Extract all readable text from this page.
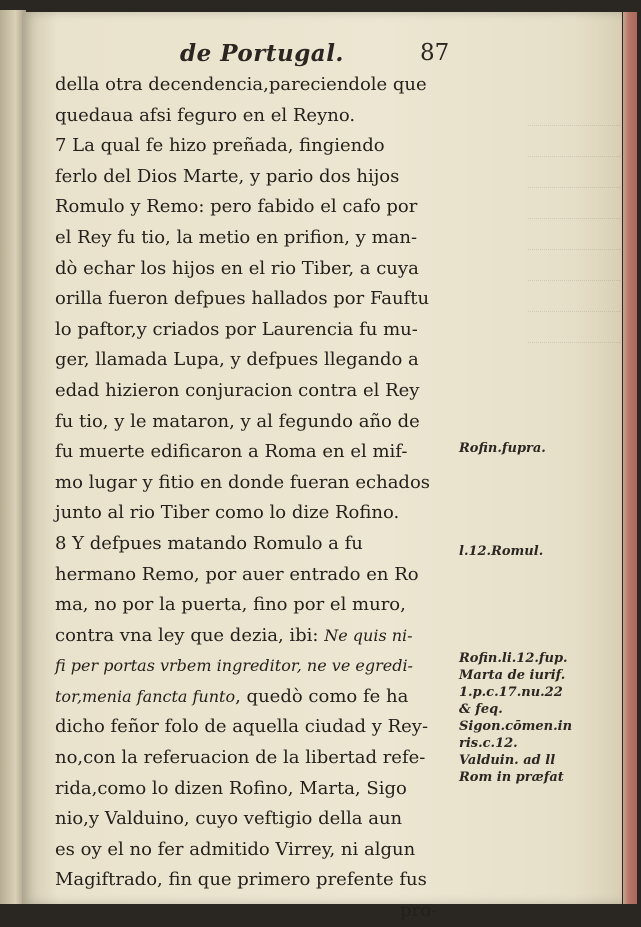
de Portugal.	87
della otra decendencia,pareciendole que
quedaua afsi feguro en el Reyno.
7 La qual fe hizo preñada, fingiendo
ferlo del Dios Marte, y pario dos hijos
Romulo y Remo: pero fabido el cafo por
el Rey fu tio, la metio en prifion, y man-
dò echar los hijos en el rio Tiber, a cuya
orilla fueron defpues hallados por Fauftu
lo paftor,y criados por Laurencia fu mu-
ger, llamada Lupa, y defpues llegando a
edad hizieron conjuracion contra el Rey
fu tio, y le mataron, y al fegundo año de
fu muerte edificaron a Roma en el mif-
mo lugar y fitio en donde fueran echados
junto al rio Tiber como lo dize Rofino.
8 Y defpues matando Romulo a fu
hermano Remo, por auer entrado en Ro
ma, no por la puerta, fino por el muro,
contra vna ley que dezia, ibi: Ne quis ni-
fi per portas vrbem ingreditor, ne ve egredi-
tor,menia fancta funto, quedò como fe ha
dicho feñor folo de aquella ciudad y Rey-
no,con la referuacion de la libertad refe-
rida,como lo dizen Rofino, Marta, Sigo
nio,y Valduino, cuyo veftigio della aun
es oy el no fer admitido Virrey, ni algun
Magiftrado, fin que primero prefente fus
pro-
Rofin.fupra.
l.12.Romul.
Rofin.li.12.fup.
Marta de iurif.
1.p.c.17.nu.22
& feq.
Sigon.cōmen.in
ris.c.12.
Valduin. ad ll
Rom in præfat
